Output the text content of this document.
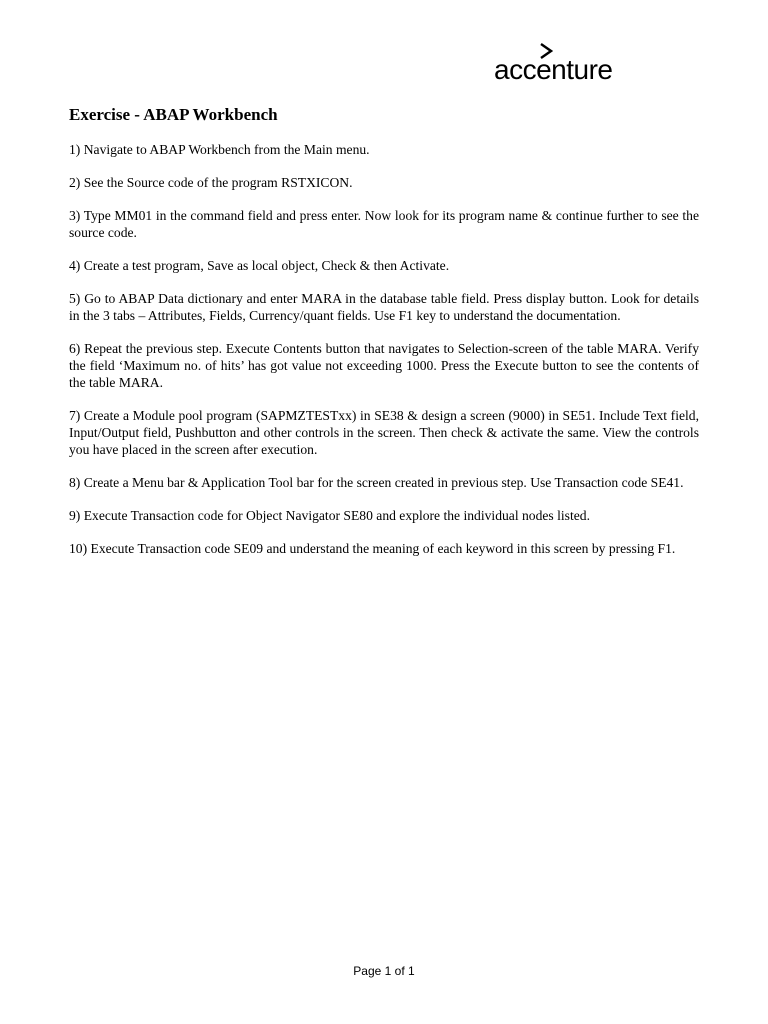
accenture
Exercise - ABAP Workbench

1) Navigate to ABAP Workbench from the Main menu.

2) See the Source code of the program RSTXICON.

3) Type MM01 in the command field and press enter. Now look for its program name & continue further to see the source code.

4) Create a test program, Save as local object, Check & then Activate.

5) Go to ABAP Data dictionary and enter MARA in the database table field. Press display button. Look for details in the 3 tabs – Attributes, Fields, Currency/quant fields. Use F1 key to understand the documentation.

6) Repeat the previous step. Execute Contents button that navigates to Selection-screen of the table MARA. Verify the field ‘Maximum no. of hits’ has got value not exceeding 1000. Press the Execute button to see the contents of the table MARA.

7) Create a Module pool program (SAPMZTESTxx) in SE38 & design a screen (9000) in SE51. Include Text field, Input/Output field, Pushbutton and other controls in the screen. Then check & activate the same. View the controls you have placed in the screen after execution.

8) Create a Menu bar & Application Tool bar for the screen created in previous step. Use Transaction code SE41.

9) Execute Transaction code for Object Navigator SE80 and explore the individual nodes listed.

10) Execute Transaction code SE09 and understand the meaning of each keyword in this screen by pressing F1.

Page 1 of 1
